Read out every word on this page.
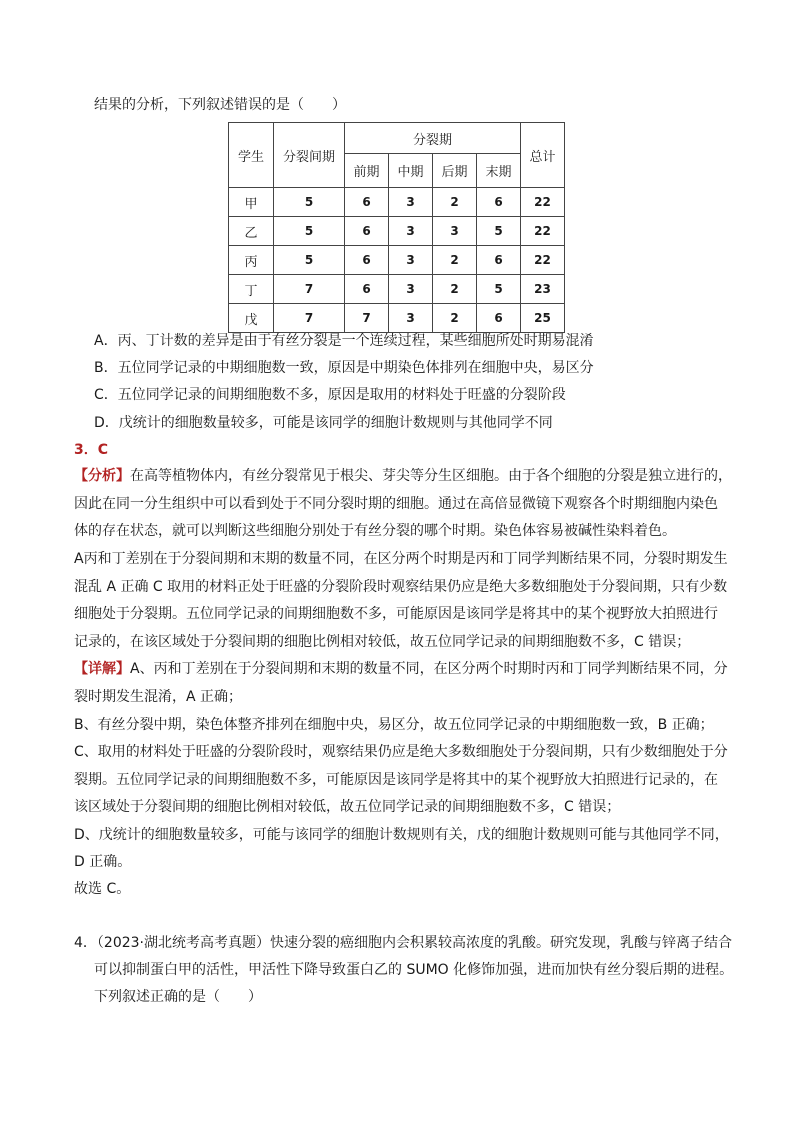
结果的分析，下列叙述错误的是（　　）
学生	分裂间期	分裂期				总计
		前期	中期	后期	末期	
甲	5	6	3	2	6	22
乙	5	6	3	3	5	22
丙	5	6	3	2	6	22
丁	7	6	3	2	5	23
戊	7	7	3	2	6	25
A．丙、丁计数的差异是由于有丝分裂是一个连续过程，某些细胞所处时期易混淆
B．五位同学记录的中期细胞数一致，原因是中期染色体排列在细胞中央，易区分
C．五位同学记录的间期细胞数不多，原因是取用的材料处于旺盛的分裂阶段
D．戊统计的细胞数量较多，可能是该同学的细胞计数规则与其他同学不同
3．C
【分析】在高等植物体内，有丝分裂常见于根尖、芽尖等分生区细胞。由于各个细胞的分裂是独立进行的，
因此在同一分生组织中可以看到处于不同分裂时期的细胞。通过在高倍显微镜下观察各个时期细胞内染色
体的存在状态，就可以判断这些细胞分别处于有丝分裂的哪个时期。染色体容易被碱性染料着色。
A丙和丁差别在于分裂间期和末期的数量不同，在区分两个时期是丙和丁同学判断结果不同，分裂时期发生
混乱 A 正确 C 取用的材料正处于旺盛的分裂阶段时观察结果仍应是绝大多数细胞处于分裂间期，只有少数
细胞处于分裂期。五位同学记录的间期细胞数不多，可能原因是该同学是将其中的某个视野放大拍照进行
记录的，在该区域处于分裂间期的细胞比例相对较低，故五位同学记录的间期细胞数不多，C 错误；
【详解】A、丙和丁差别在于分裂间期和末期的数量不同，在区分两个时期时丙和丁同学判断结果不同，分
裂时期发生混淆，A 正确；
B、有丝分裂中期，染色体整齐排列在细胞中央，易区分，故五位同学记录的中期细胞数一致，B 正确；
C、取用的材料处于旺盛的分裂阶段时，观察结果仍应是绝大多数细胞处于分裂间期，只有少数细胞处于分
裂期。五位同学记录的间期细胞数不多，可能原因是该同学是将其中的某个视野放大拍照进行记录的，在
该区域处于分裂间期的细胞比例相对较低，故五位同学记录的间期细胞数不多，C 错误；
D、戊统计的细胞数量较多，可能与该同学的细胞计数规则有关，戊的细胞计数规则可能与其他同学不同，
D 正确。
故选 C。
4．（2023·湖北统考高考真题）快速分裂的癌细胞内会积累较高浓度的乳酸。研究发现，乳酸与锌离子结合
可以抑制蛋白甲的活性，甲活性下降导致蛋白乙的 SUMO 化修饰加强，进而加快有丝分裂后期的进程。
下列叙述正确的是（　　）
